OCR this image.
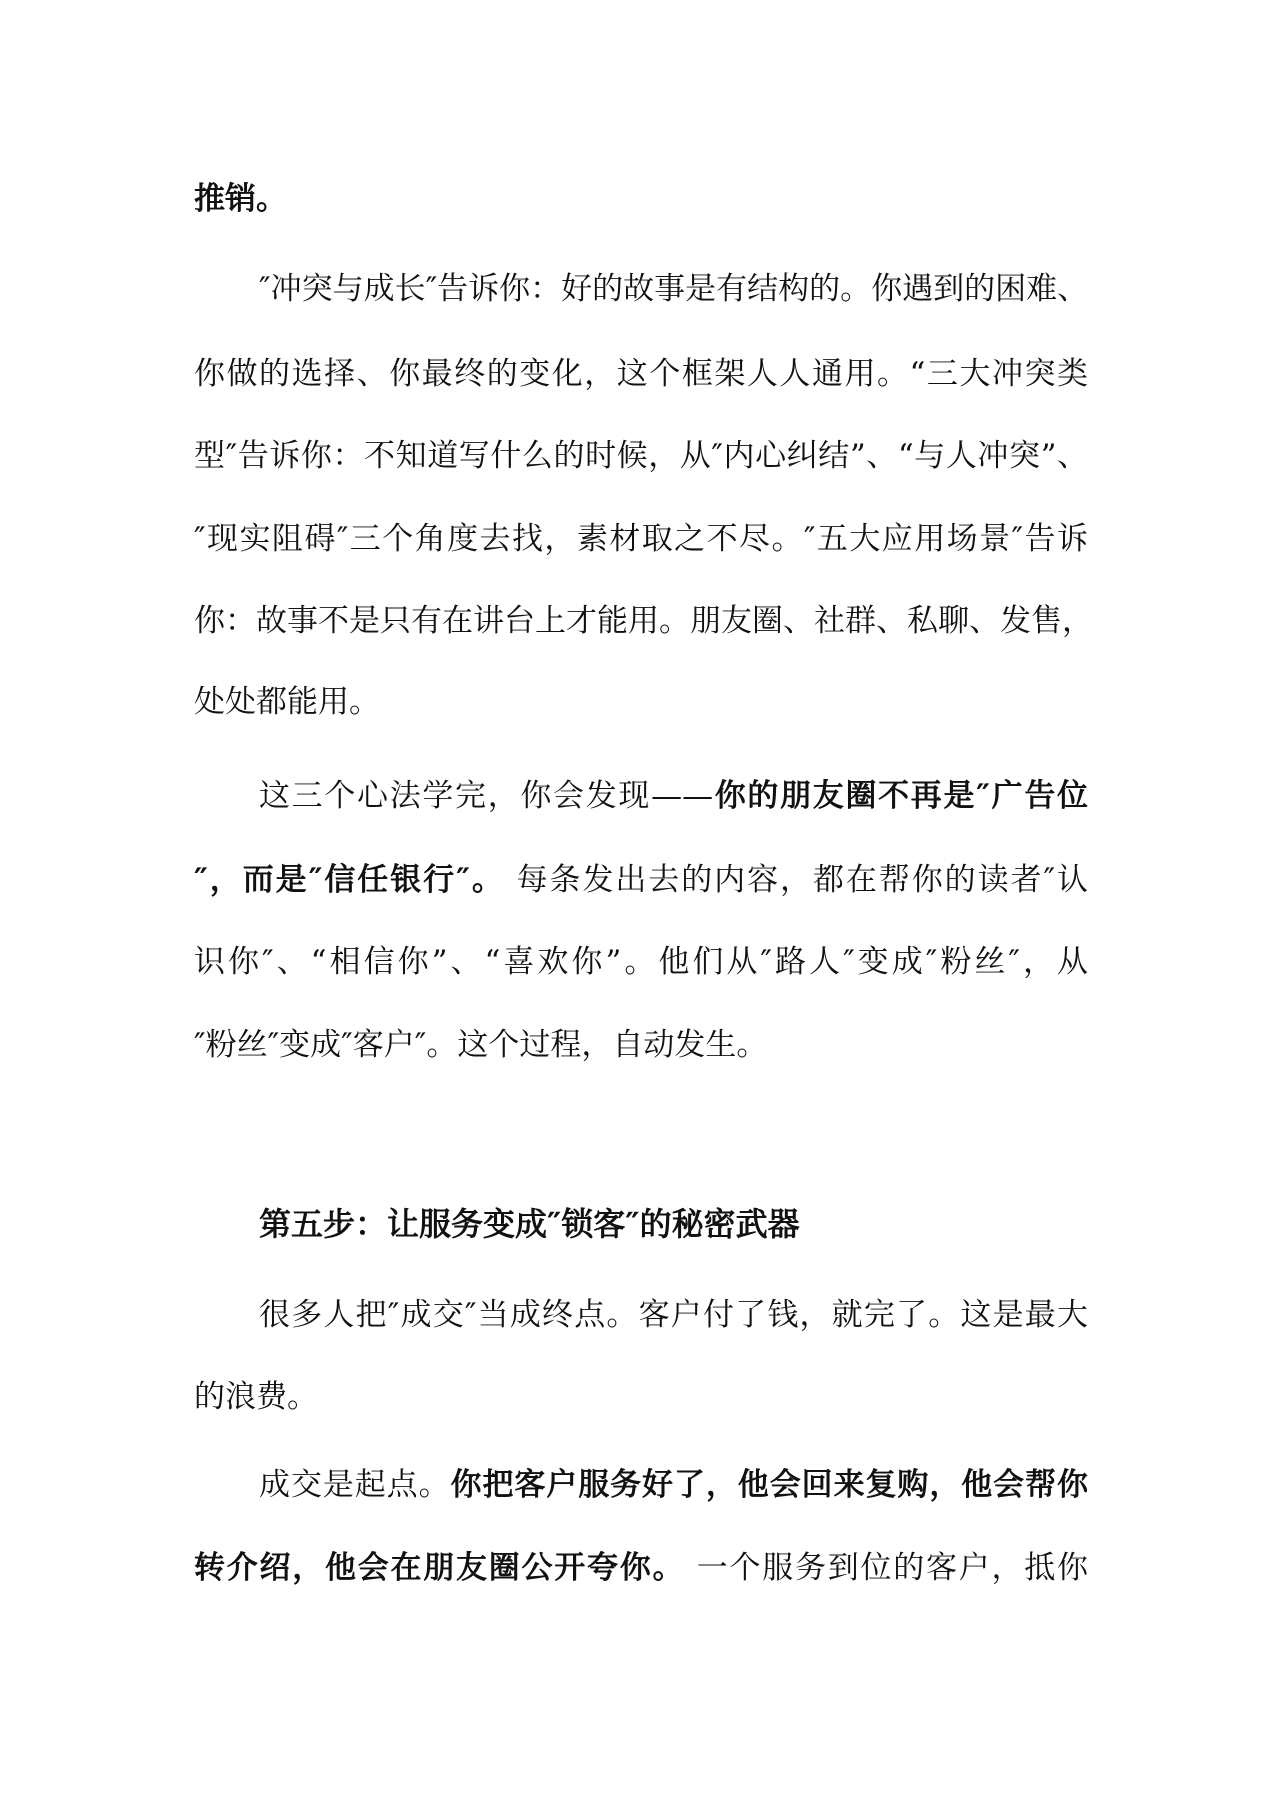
推销。
″冲突与成长″告诉你：好的故事是有结构的。你遇到的困难、
你做的选择、你最终的变化，这个框架人人通用。“三大冲突类
型″告诉你：不知道写什么的时候，从″内心纠结”、“与人冲突”、
″现实阻碍″三个角度去找，素材取之不尽。″五大应用场景″告诉
你：故事不是只有在讲台上才能用。朋友圈、社群、私聊、发售，
处处都能用。
这三个心法学完，你会发现——你的朋友圈不再是″广告位
″，而是″信任银行″。 每条发出去的内容，都在帮你的读者″认
识你″、“相信你”、“喜欢你”。他们从″路人″变成″粉丝″，从
″粉丝″变成″客户″。这个过程，自动发生。
第五步：让服务变成″锁客″的秘密武器
很多人把″成交″当成终点。客户付了钱，就完了。这是最大
的浪费。
成交是起点。你把客户服务好了，他会回来复购，他会帮你
转介绍，他会在朋友圈公开夸你。 一个服务到位的客户，抵你
